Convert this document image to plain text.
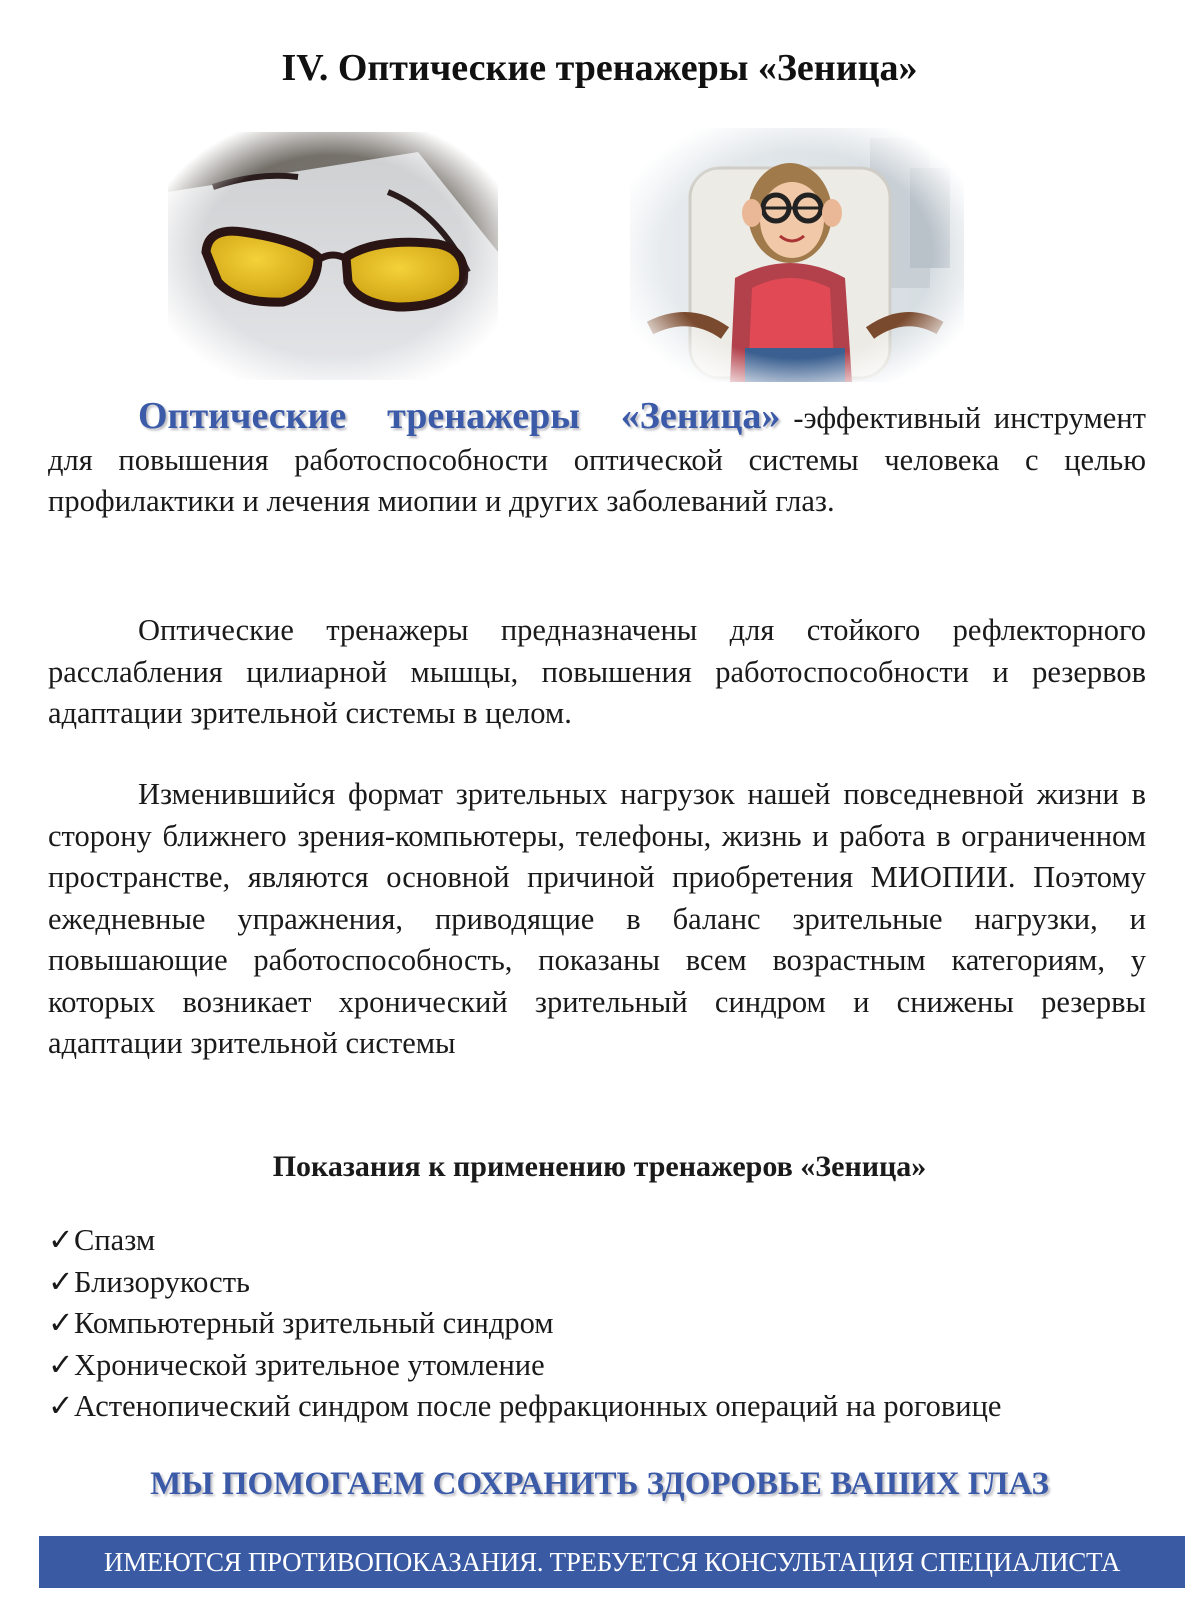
IV. Оптические тренажеры «Зеница»

Оптические тренажеры «Зеница» -эффективный инструмент для повышения работоспособности оптической системы человека с целью профилактики и лечения миопии и других заболеваний глаз.

Оптические тренажеры предназначены для стойкого рефлекторного расслабления цилиарной мышцы, повышения работоспособности и резервов адаптации зрительной системы в целом.

Изменившийся формат зрительных нагрузок нашей повседневной жизни в сторону ближнего зрения-компьютеры, телефоны, жизнь и работа в ограниченном пространстве, являются основной причиной приобретения МИОПИИ. Поэтому ежедневные упражнения, приводящие в баланс зрительные нагрузки, и повышающие работоспособность, показаны всем возрастным категориям, у которых возникает хронический зрительный синдром и снижены резервы адаптации зрительной системы

Показания к применению тренажеров «Зеница»
✓Спазм
✓Близорукость
✓Компьютерный зрительный синдром
✓Хронической зрительное утомление
✓Астенопический синдром после рефракционных операций на роговице
МЫ ПОМОГАЕМ СОХРАНИТЬ ЗДОРОВЬЕ ВАШИХ ГЛАЗ
ИМЕЮТСЯ ПРОТИВОПОКАЗАНИЯ. ТРЕБУЕТСЯ КОНСУЛЬТАЦИЯ СПЕЦИАЛИСТА
